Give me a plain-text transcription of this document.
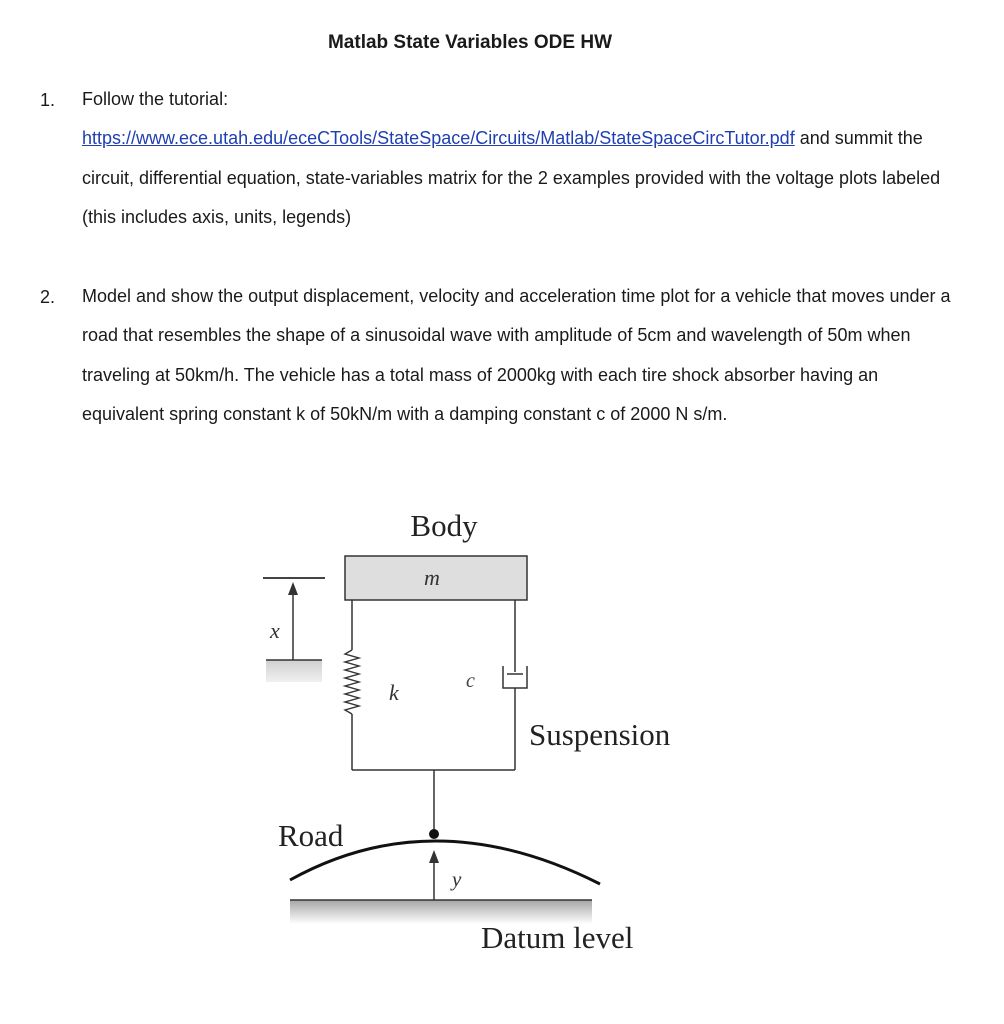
Matlab State Variables ODE HW
1. Follow the tutorial:
https://www.ece.utah.edu/eceCTools/StateSpace/Circuits/Matlab/StateSpaceCircTutor.pdf and summit the circuit, differential equation, state-variables matrix for the 2 examples provided with the voltage plots labeled (this includes axis, units, legends)
2. Model and show the output displacement, velocity and acceleration time plot for a vehicle that moves under a road that resembles the shape of a sinusoidal wave with amplitude of 5cm and wavelength of 50m when traveling at 50km/h. The vehicle has a total mass of 2000kg with each tire shock absorber having an equivalent spring constant k of 50kN/m with a damping constant c of 2000 N s/m.
Body
m
x
k	c
Suspension
Road
y
Datum level
